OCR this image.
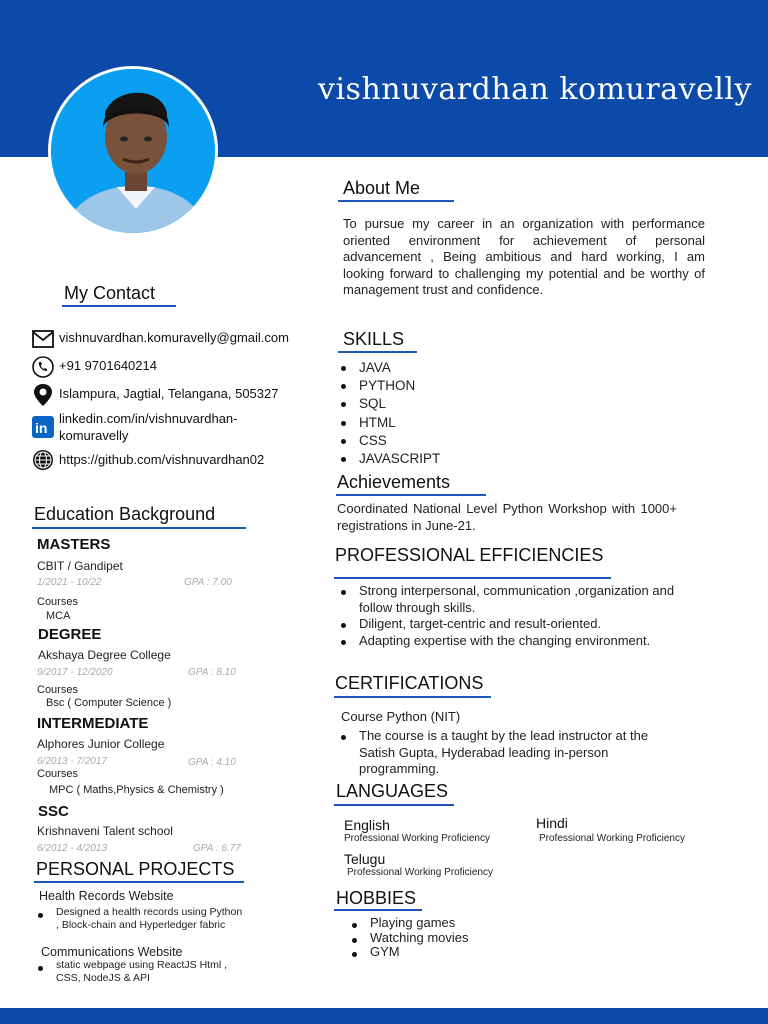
vishnuvardhan komuravelly
About Me
To pursue my career in an organization with performance oriented environment for achievement of personal advancement , Being ambitious and hard working, I am looking forward to challenging my potential and be worthy of management trust and confidence.
My Contact
vishnuvardhan.komuravelly@gmail.com
+91 9701640214
Islampura, Jagtial, Telangana, 505327
in
linkedin.com/in/vishnuvardhan-
komuravelly
https://github.com/vishnuvardhan02
SKILLS
JAVA
PYTHON
SQL
HTML
CSS
JAVASCRIPT
Achievements
Coordinated National Level Python Workshop with 1000+ registrations in June-21.
Education Background
MASTERS
CBIT / Gandipet
1/2021 - 10/22	GPA : 7.00
Courses
MCA
DEGREE
Akshaya Degree College
9/2017 - 12/2020	GPA : 8.10
Courses
Bsc ( Computer Science )
INTERMEDIATE
Alphores Junior College
6/2013 - 7/2017	GPA : 4.10
Courses
MPC ( Maths,Physics & Chemistry )
SSC
Krishnaveni Talent school
6/2012 - 4/2013	GPA : 6.77
PROFESSIONAL EFFICIENCIES
Strong interpersonal, communication ,organization and follow through skills.
Diligent, target-centric and result-oriented.
Adapting expertise with the changing environment.
CERTIFICATIONS
Course Python (NIT)
The course is a taught by the lead instructor at the Satish Gupta, Hyderabad leading in-person programming.
LANGUAGES
English
Professional Working Proficiency
Hindi
Professional Working Proficiency
Telugu
Professional Working Proficiency
HOBBIES
Playing games
Watching movies
GYM
PERSONAL PROJECTS
Health Records Website
Designed a health records using Python , Block-chain and Hyperledger fabric
Communications Website
static webpage using ReactJS Html , CSS, NodeJS & API
